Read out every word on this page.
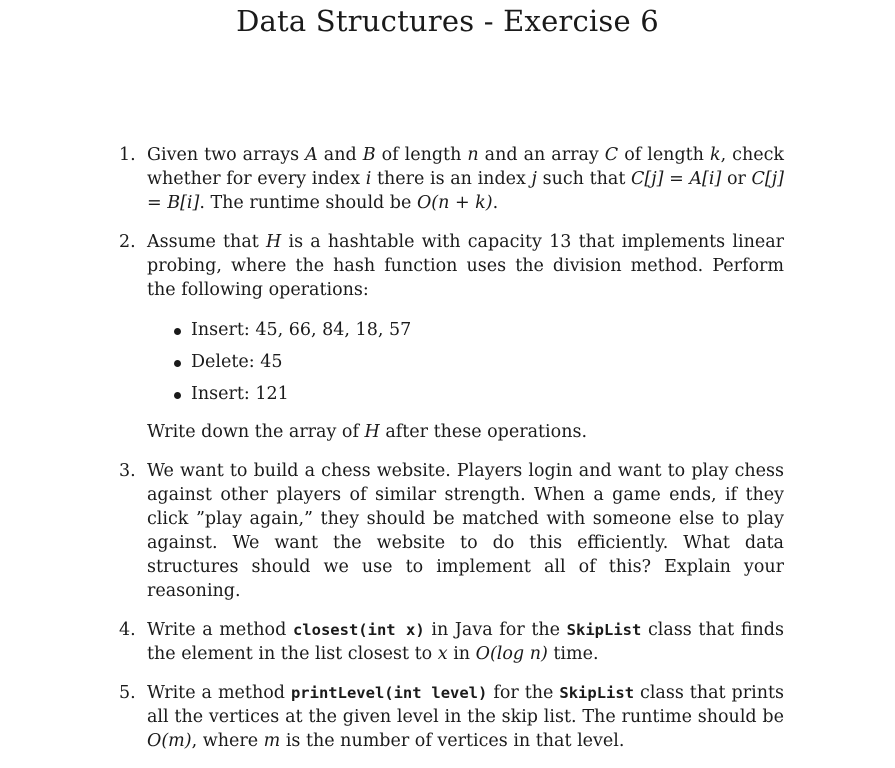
Data Structures - Exercise 6
1. Given two arrays A and B of length n and an array C of length k, check whether for every index i there is an index j such that C[j] = A[i] or C[j] = B[i]. The runtime should be O(n + k).
2. Assume that H is a hashtable with capacity 13 that implements linear probing, where the hash function uses the division method. Perform the following operations:
Insert: 45, 66, 84, 18, 57
Delete: 45
Insert: 121
Write down the array of H after these operations.
3. We want to build a chess website. Players login and want to play chess against other players of similar strength. When a game ends, if they click ”play again,” they should be matched with someone else to play against. We want the website to do this efficiently. What data structures should we use to implement all of this? Explain your reasoning.
4. Write a method closest(int x) in Java for the SkipList class that finds the element in the list closest to x in O(log n) time.
5. Write a method printLevel(int level) for the SkipList class that prints all the vertices at the given level in the skip list. The runtime should be O(m), where m is the number of vertices in that level.
